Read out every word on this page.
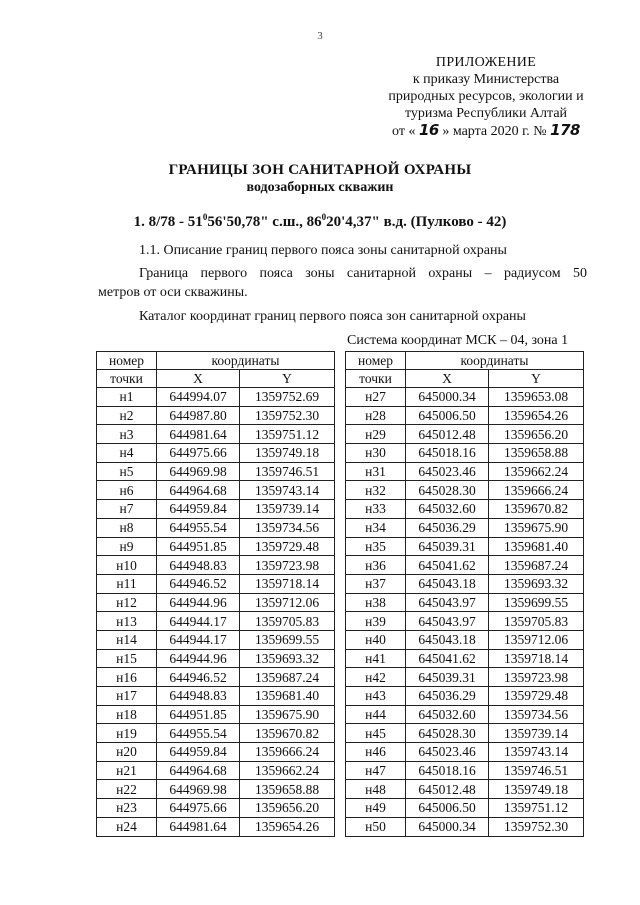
3
ПРИЛОЖЕНИЕ
к приказу Министерства
природных ресурсов, экологии и
туризма Республики Алтай
от « 16 » марта 2020 г. № 178
ГРАНИЦЫ ЗОН САНИТАРНОЙ ОХРАНЫ
водозаборных скважин
1. $8/78 - 51^056'50,78$" с.ш., $86^020'4,37$" в.д. (Пулково - 42)
1.1. Описание границ первого пояса зоны санитарной охраны
Граница первого пояса зоны санитарной охраны – радиусом 50
метров от оси скважины.
Каталог координат границ первого пояса зон санитарной охраны
Система координат МСК – 04, зона 1
номер	координаты	
точки	X	Y
н1	644994.07	1359752.69
н2	644987.80	1359752.30
н3	644981.64	1359751.12
н4	644975.66	1359749.18
н5	644969.98	1359746.51
н6	644964.68	1359743.14
н7	644959.84	1359739.14
н8	644955.54	1359734.56
н9	644951.85	1359729.48
н10	644948.83	1359723.98
н11	644946.52	1359718.14
н12	644944.96	1359712.06
н13	644944.17	1359705.83
н14	644944.17	1359699.55
н15	644944.96	1359693.32
н16	644946.52	1359687.24
н17	644948.83	1359681.40
н18	644951.85	1359675.90
н19	644955.54	1359670.82
н20	644959.84	1359666.24
н21	644964.68	1359662.24
н22	644969.98	1359658.88
н23	644975.66	1359656.20
н24	644981.64	1359654.26
номер	координаты	
точки	X	Y
н27	645000.34	1359653.08
н28	645006.50	1359654.26
н29	645012.48	1359656.20
н30	645018.16	1359658.88
н31	645023.46	1359662.24
н32	645028.30	1359666.24
н33	645032.60	1359670.82
н34	645036.29	1359675.90
н35	645039.31	1359681.40
н36	645041.62	1359687.24
н37	645043.18	1359693.32
н38	645043.97	1359699.55
н39	645043.97	1359705.83
н40	645043.18	1359712.06
н41	645041.62	1359718.14
н42	645039.31	1359723.98
н43	645036.29	1359729.48
н44	645032.60	1359734.56
н45	645028.30	1359739.14
н46	645023.46	1359743.14
н47	645018.16	1359746.51
н48	645012.48	1359749.18
н49	645006.50	1359751.12
н50	645000.34	1359752.30
